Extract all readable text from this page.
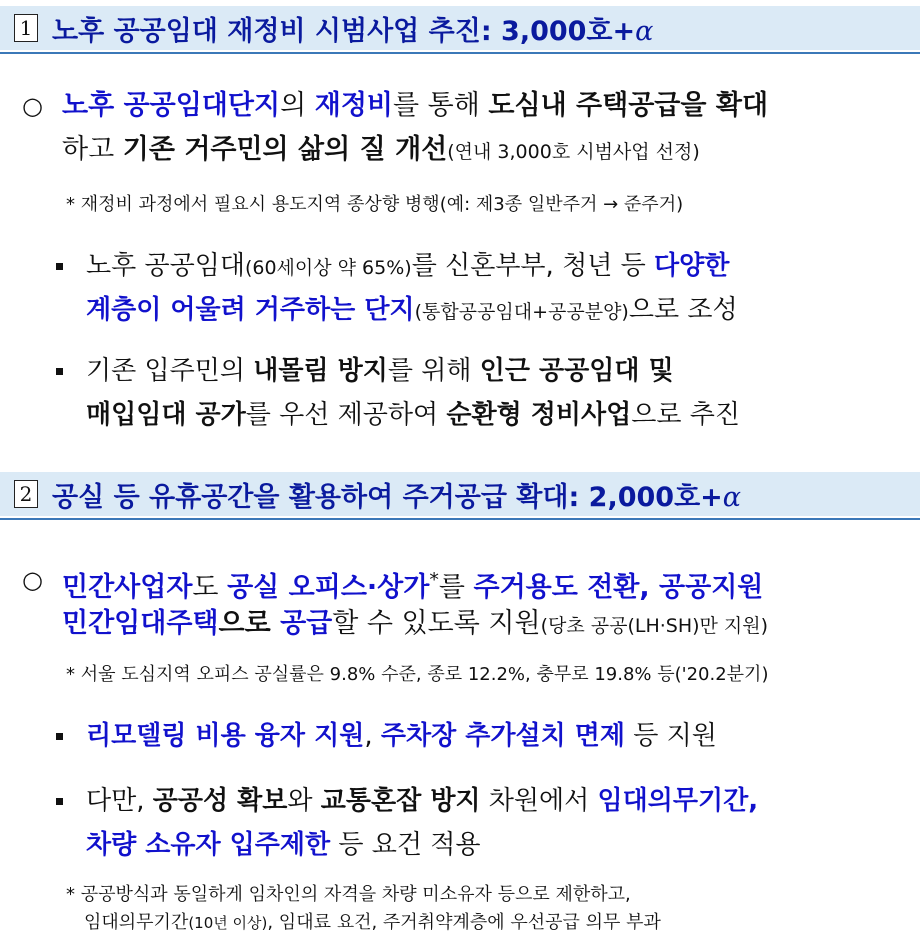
1 노후 공공임대 재정비 시범사업 추진: 3,000호+α
○ 노후 공공임대단지의 재정비를 통해 도심내 주택공급을 확대
하고 기존 거주민의 삶의 질 개선(연내 3,000호 시범사업 선정)
* 재정비 과정에서 필요시 용도지역 종상향 병행(예: 제3종 일반주거 → 준주거)
노후 공공임대(60세이상 약 65%)를 신혼부부, 청년 등 다양한
계층이 어울려 거주하는 단지(통합공공임대+공공분양)으로 조성
기존 입주민의 내몰림 방지를 위해 인근 공공임대 및
매입임대 공가를 우선 제공하여 순환형 정비사업으로 추진
2 공실 등 유휴공간을 활용하여 주거공급 확대: 2,000호+α
○ 민간사업자도 공실 오피스·상가*를 주거용도 전환, 공공지원
민간임대주택으로 공급할 수 있도록 지원(당초 공공(LH·SH)만 지원)
* 서울 도심지역 오피스 공실률은 9.8% 수준, 종로 12.2%, 충무로 19.8% 등('20.2분기)
리모델링 비용 융자 지원, 주차장 추가설치 면제 등 지원
다만, 공공성 확보와 교통혼잡 방지 차원에서 임대의무기간,
차량 소유자 입주제한 등 요건 적용
* 공공방식과 동일하게 임차인의 자격을 차량 미소유자 등으로 제한하고,
임대의무기간(10년 이상), 임대료 요건, 주거취약계층에 우선공급 의무 부과
